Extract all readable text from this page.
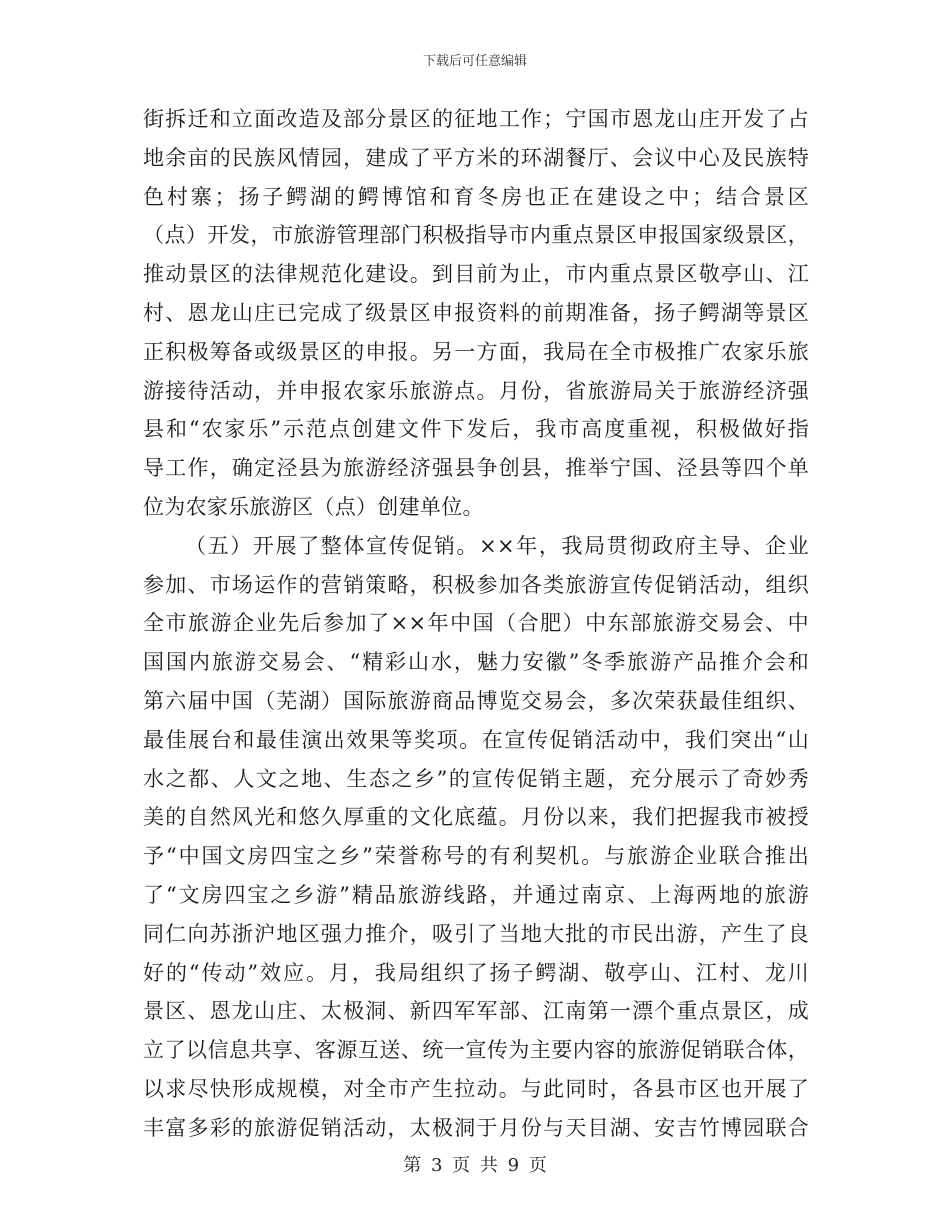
下载后可任意编辑
街拆迁和立面改造及部分景区的征地工作；宁国市恩龙山庄开发了占
地余亩的民族风情园，建成了平方米的环湖餐厅、会议中心及民族特
色村寨；扬子鳄湖的鳄博馆和育冬房也正在建设之中；结合景区
（点）开发，市旅游管理部门积极指导市内重点景区申报国家级景区，
推动景区的法律规范化建设。到目前为止，市内重点景区敬亭山、江
村、恩龙山庄已完成了级景区申报资料的前期准备，扬子鳄湖等景区
正积极筹备或级景区的申报。另一方面，我局在全市极推广农家乐旅
游接待活动，并申报农家乐旅游点。月份，省旅游局关于旅游经济强
县和“农家乐”示范点创建文件下发后，我市高度重视，积极做好指
导工作，确定泾县为旅游经济强县争创县，推举宁国、泾县等四个单
位为农家乐旅游区（点）创建单位。
（五）开展了整体宣传促销。××年，我局贯彻政府主导、企业
参加、市场运作的营销策略，积极参加各类旅游宣传促销活动，组织
全市旅游企业先后参加了××年中国（合肥）中东部旅游交易会、中
国国内旅游交易会、“精彩山水，魅力安徽”冬季旅游产品推介会和
第六届中国（芜湖）国际旅游商品博览交易会，多次荣获最佳组织、
最佳展台和最佳演出效果等奖项。在宣传促销活动中，我们突出“山
水之都、人文之地、生态之乡”的宣传促销主题，充分展示了奇妙秀
美的自然风光和悠久厚重的文化底蕴。月份以来，我们把握我市被授
予“中国文房四宝之乡”荣誉称号的有利契机。与旅游企业联合推出
了“文房四宝之乡游”精品旅游线路，并通过南京、上海两地的旅游
同仁向苏浙沪地区强力推介，吸引了当地大批的市民出游，产生了良
好的“传动”效应。月，我局组织了扬子鳄湖、敬亭山、江村、龙川
景区、恩龙山庄、太极洞、新四军军部、江南第一漂个重点景区，成
立了以信息共享、客源互送、统一宣传为主要内容的旅游促销联合体，
以求尽快形成规模，对全市产生拉动。与此同时，各县市区也开展了
丰富多彩的旅游促销活动，太极洞于月份与天目湖、安吉竹博园联合
第 3 页 共 9 页
